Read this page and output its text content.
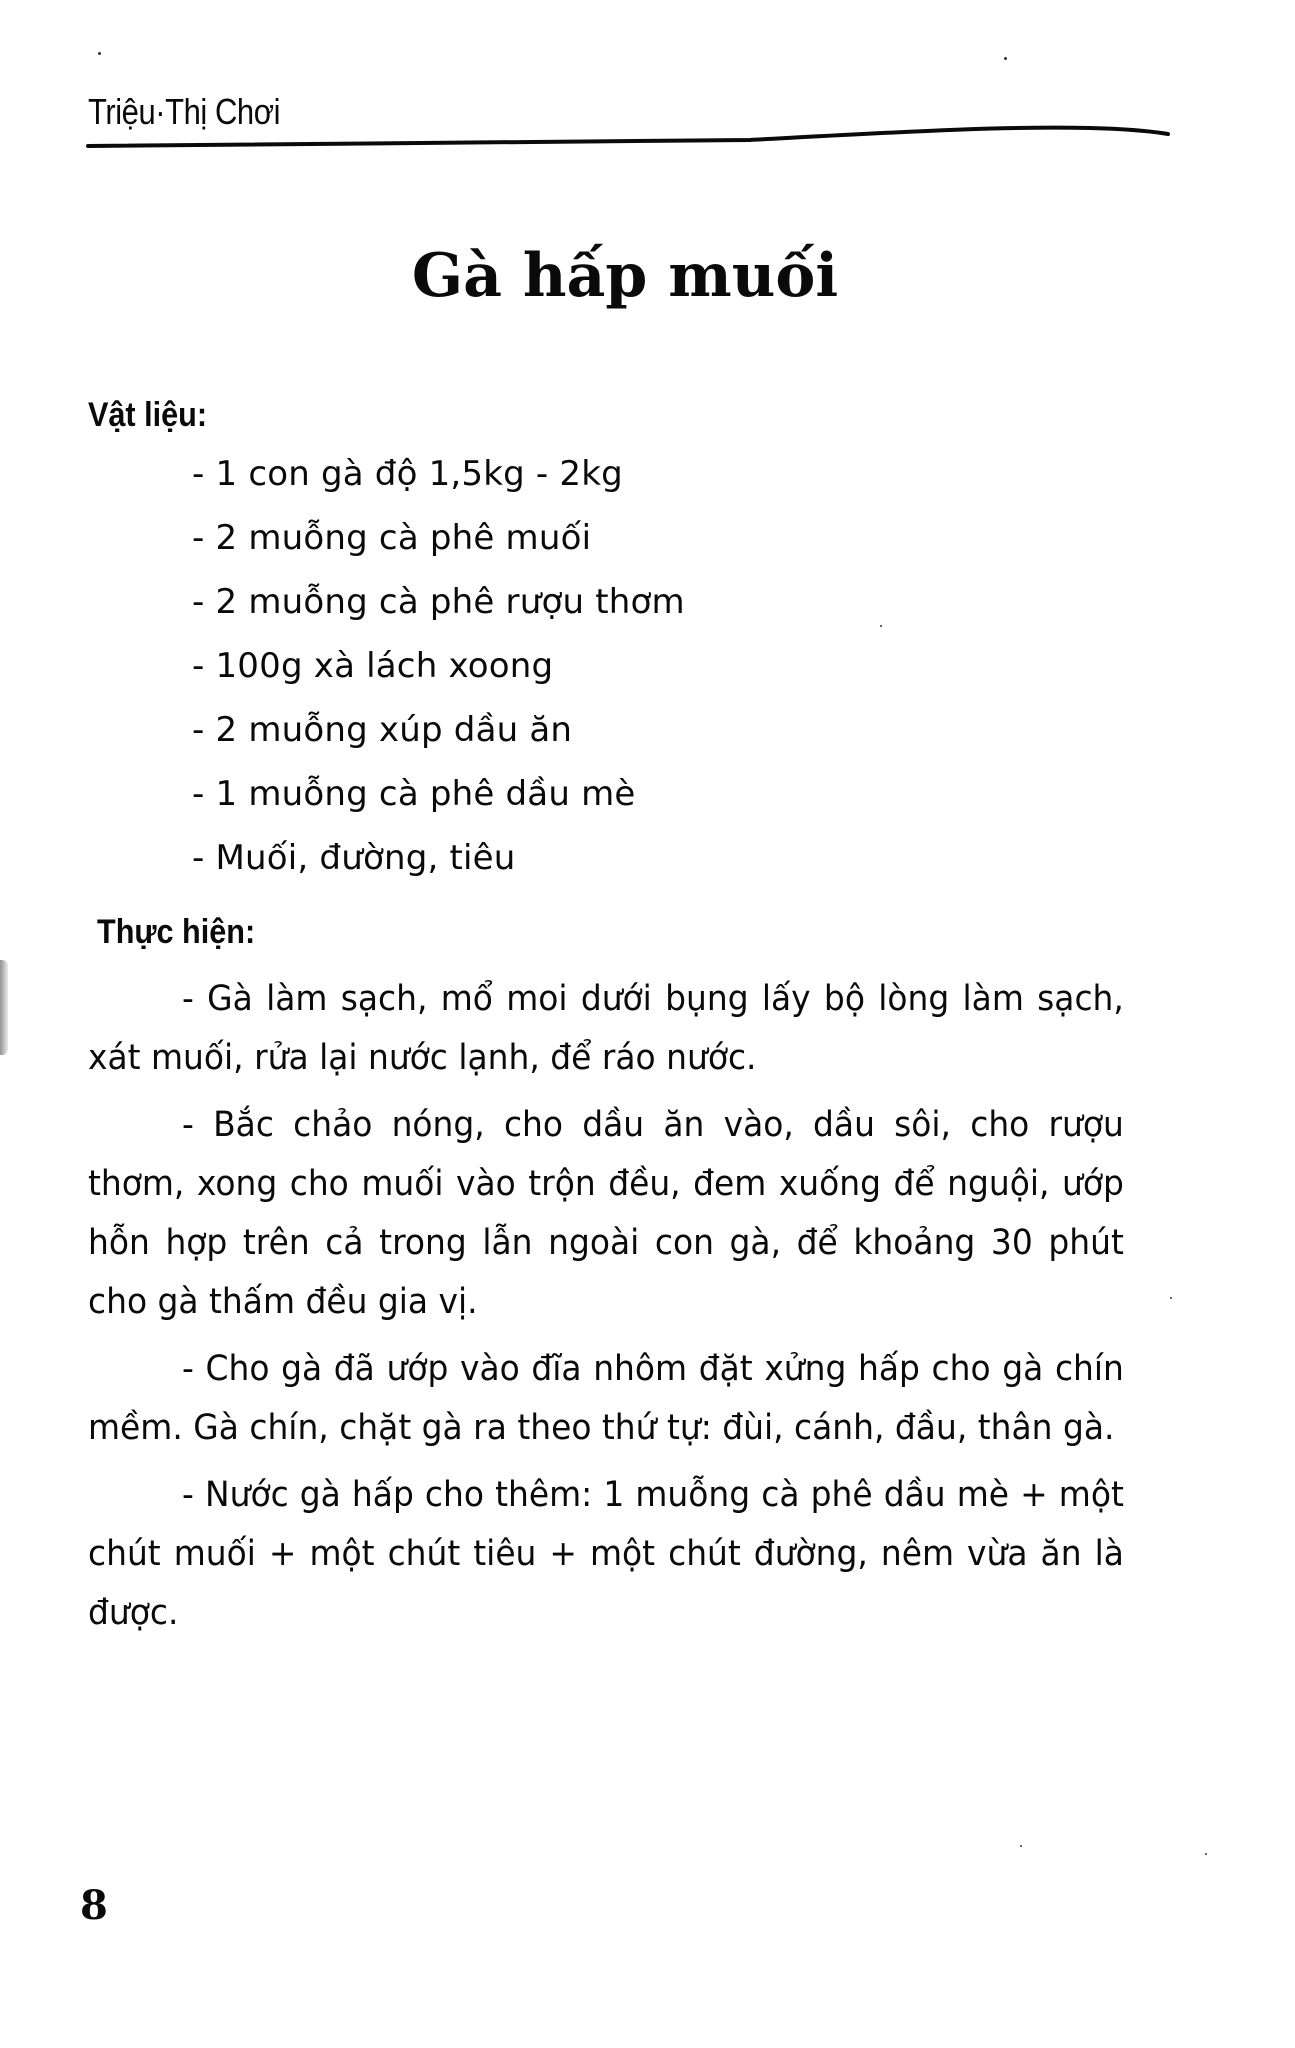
Triệu·Thị Chơi
Gà hấp muối
Vật liệu:
- 1 con gà độ 1,5kg - 2kg
- 2 muỗng cà phê muối
- 2 muỗng cà phê rượu thơm
- 100g xà lách xoong
- 2 muỗng xúp dầu ăn
- 1 muỗng cà phê dầu mè
- Muối, đường, tiêu
Thực hiện:

- Gà làm sạch, mổ moi dưới bụng lấy bộ lòng làm sạch, xát muối, rửa lại nước lạnh, để ráo nước.

- Bắc chảo nóng, cho dầu ăn vào, dầu sôi, cho rượu thơm, xong cho muối vào trộn đều, đem xuống để nguội, ướp hỗn hợp trên cả trong lẫn ngoài con gà, để khoảng 30 phút cho gà thấm đều gia vị.

- Cho gà đã ướp vào đĩa nhôm đặt xửng hấp cho gà chín mềm. Gà chín, chặt gà ra theo thứ tự: đùi, cánh, đầu, thân gà.

- Nước gà hấp cho thêm: 1 muỗng cà phê dầu mè + một chút muối + một chút tiêu + một chút đường, nêm vừa ăn là được.

8
